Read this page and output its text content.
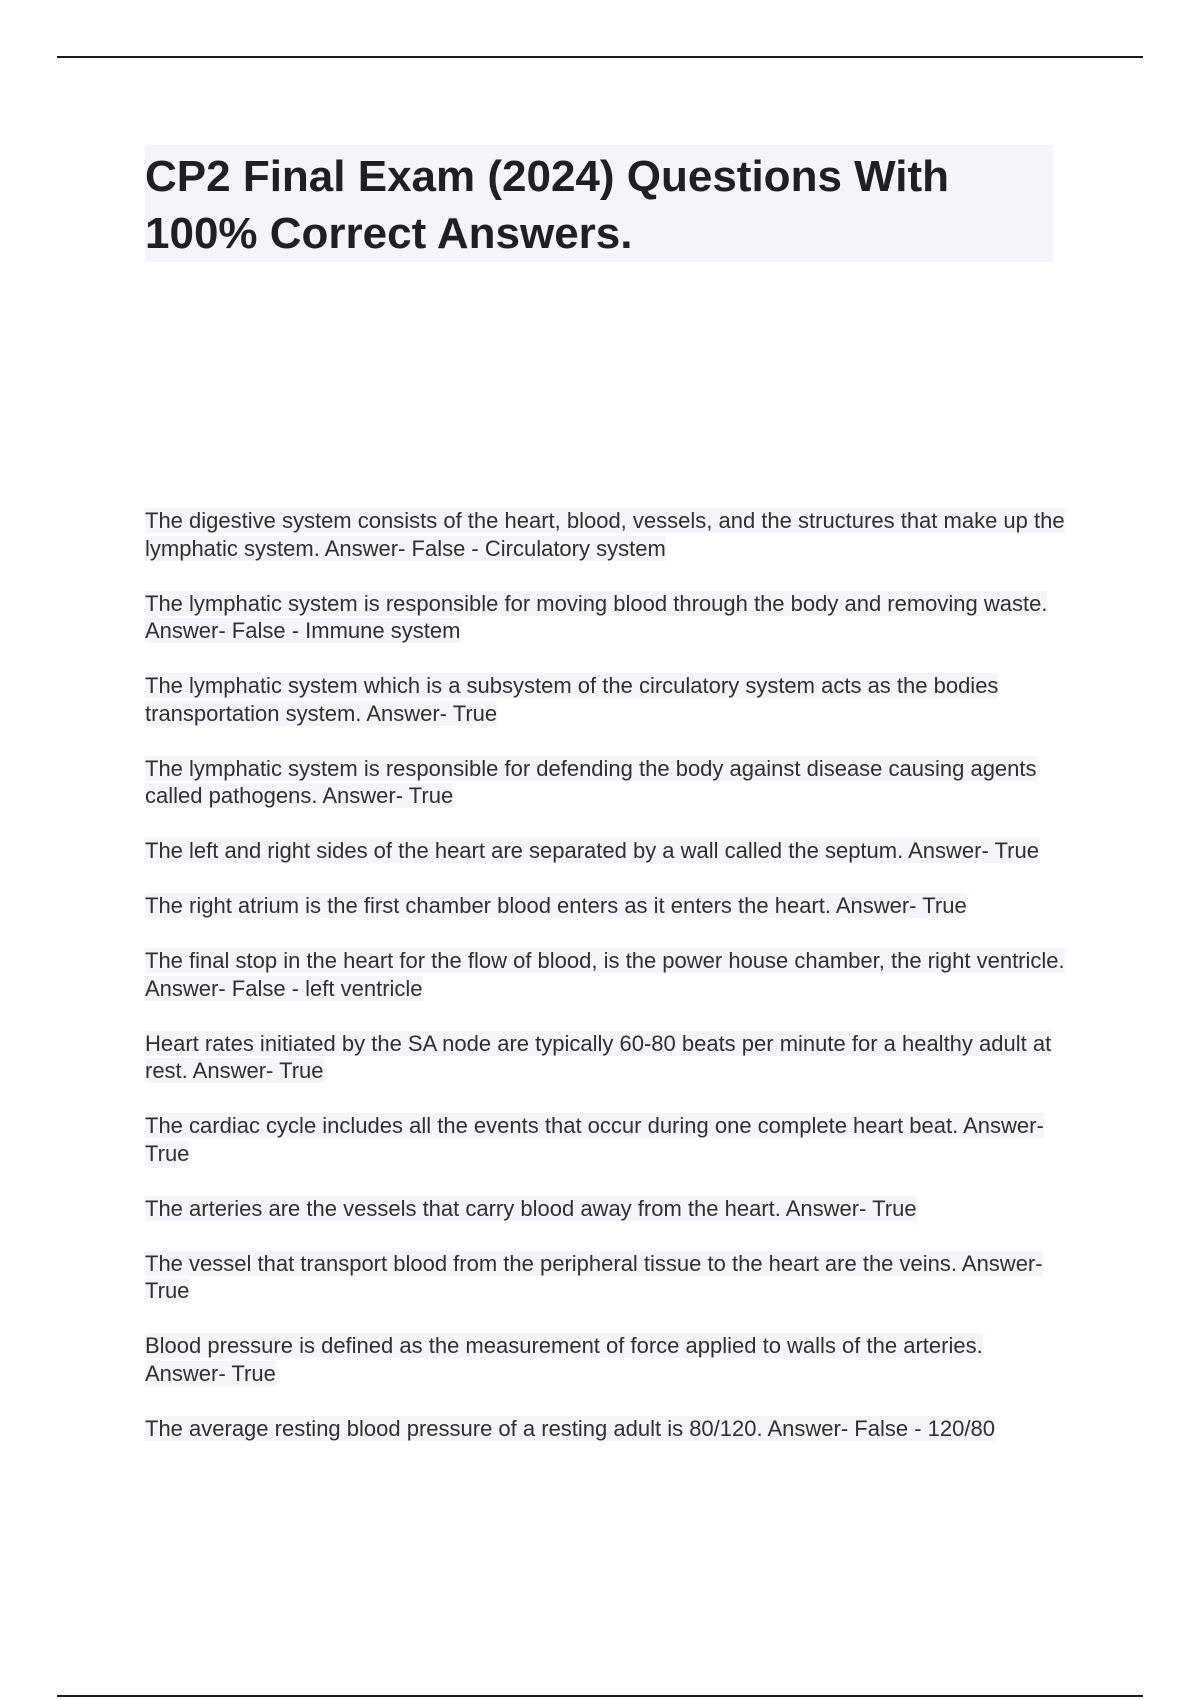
CP2 Final Exam (2024) Questions With 100% Correct Answers.

The digestive system consists of the heart, blood, vessels, and the structures that make up the lymphatic system. Answer- False - Circulatory system

The lymphatic system is responsible for moving blood through the body and removing waste. Answer- False - Immune system

The lymphatic system which is a subsystem of the circulatory system acts as the bodies transportation system. Answer- True

The lymphatic system is responsible for defending the body against disease causing agents called pathogens. Answer- True

The left and right sides of the heart are separated by a wall called the septum. Answer- True

The right atrium is the first chamber blood enters as it enters the heart. Answer- True

The final stop in the heart for the flow of blood, is the power house chamber, the right ventricle. Answer- False - left ventricle

Heart rates initiated by the SA node are typically 60-80 beats per minute for a healthy adult at rest. Answer- True

The cardiac cycle includes all the events that occur during one complete heart beat. Answer- True

The arteries are the vessels that carry blood away from the heart. Answer- True

The vessel that transport blood from the peripheral tissue to the heart are the veins. Answer- True

Blood pressure is defined as the measurement of force applied to walls of the arteries. Answer- True

The average resting blood pressure of a resting adult is 80/120. Answer- False - 120/80
